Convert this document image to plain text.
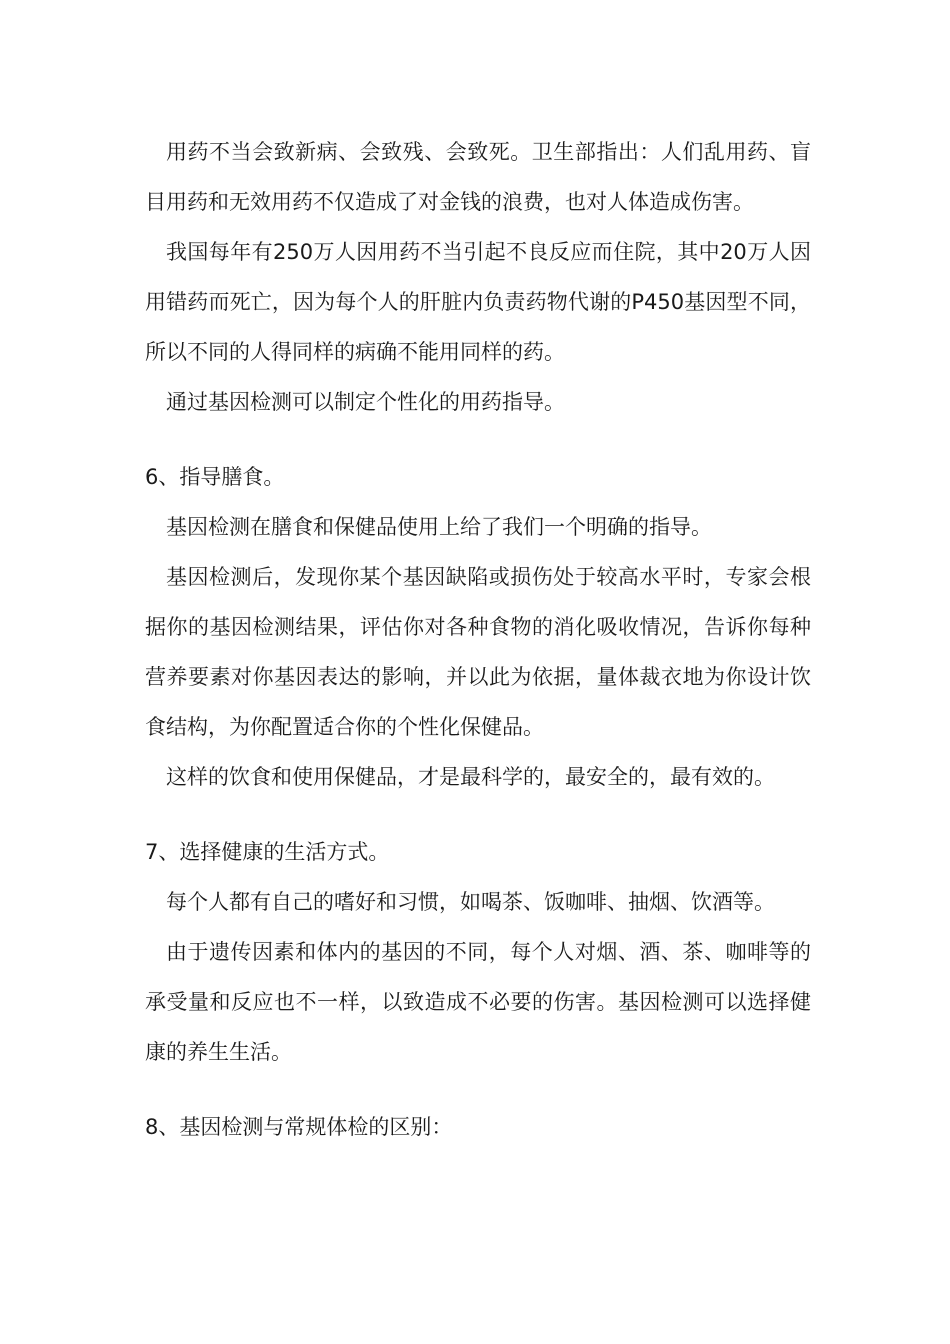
用药不当会致新病、会致残、会致死。卫生部指出：人们乱用药、盲目用药和无效用药不仅造成了对金钱的浪费，也对人体造成伤害。

我国每年有250万人因用药不当引起不良反应而住院，其中20万人因用错药而死亡，因为每个人的肝脏内负责药物代谢的P450基因型不同，所以不同的人得同样的病确不能用同样的药。

通过基因检测可以制定个性化的用药指导。

6、指导膳食。

基因检测在膳食和保健品使用上给了我们一个明确的指导。

基因检测后，发现你某个基因缺陷或损伤处于较高水平时，专家会根据你的基因检测结果，评估你对各种食物的消化吸收情况，告诉你每种营养要素对你基因表达的影响，并以此为依据，量体裁衣地为你设计饮食结构，为你配置适合你的个性化保健品。

这样的饮食和使用保健品，才是最科学的，最安全的，最有效的。

7、选择健康的生活方式。

每个人都有自己的嗜好和习惯，如喝茶、饭咖啡、抽烟、饮酒等。

由于遗传因素和体内的基因的不同，每个人对烟、酒、茶、咖啡等的承受量和反应也不一样，以致造成不必要的伤害。基因检测可以选择健康的养生生活。

8、基因检测与常规体检的区别：
